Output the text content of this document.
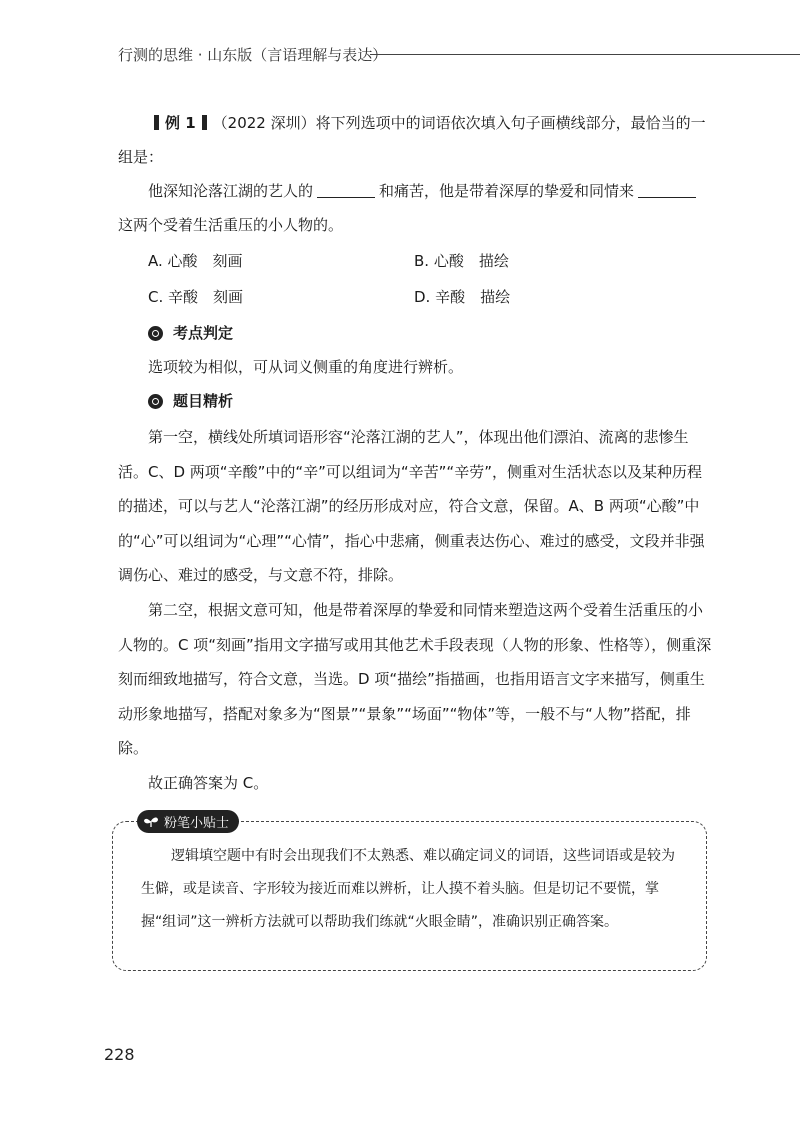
行测的思维 · 山东版（言语理解与表达）

例 1 （2022 深圳）将下列选项中的词语依次填入句子画横线部分，最恰当的一组是：

他深知沦落江湖的艺人的	和痛苦，他是带着深厚的挚爱和同情来这两个受着生活重压的小人物的。

A. 心酸　刻画	B. 心酸　描绘
C. 辛酸　刻画	D. 辛酸　描绘
考点判定

选项较为相似，可从词义侧重的角度进行辨析。

题目精析

第一空，横线处所填词语形容“沦落江湖的艺人”，体现出他们漂泊、流离的悲惨生活。C、D 两项“辛酸”中的“辛”可以组词为“辛苦”“辛劳”，侧重对生活状态以及某种历程的描述，可以与艺人“沦落江湖”的经历形成对应，符合文意，保留。A、B 两项“心酸”中的“心”可以组词为“心理”“心情”，指心中悲痛，侧重表达伤心、难过的感受，文段并非强调伤心、难过的感受，与文意不符，排除。

第二空，根据文意可知，他是带着深厚的挚爱和同情来塑造这两个受着生活重压的小人物的。C 项“刻画”指用文字描写或用其他艺术手段表现（人物的形象、性格等），侧重深刻而细致地描写，符合文意，当选。D 项“描绘”指描画，也指用语言文字来描写，侧重生动形象地描写，搭配对象多为“图景”“景象”“场面”“物体”等，一般不与“人物”搭配，排除。

故正确答案为 C。

粉笔小贴士

逻辑填空题中有时会出现我们不太熟悉、难以确定词义的词语，这些词语或是较为生僻，或是读音、字形较为接近而难以辨析，让人摸不着头脑。但是切记不要慌，掌握“组词”这一辨析方法就可以帮助我们练就“火眼金睛”，准确识别正确答案。

228
